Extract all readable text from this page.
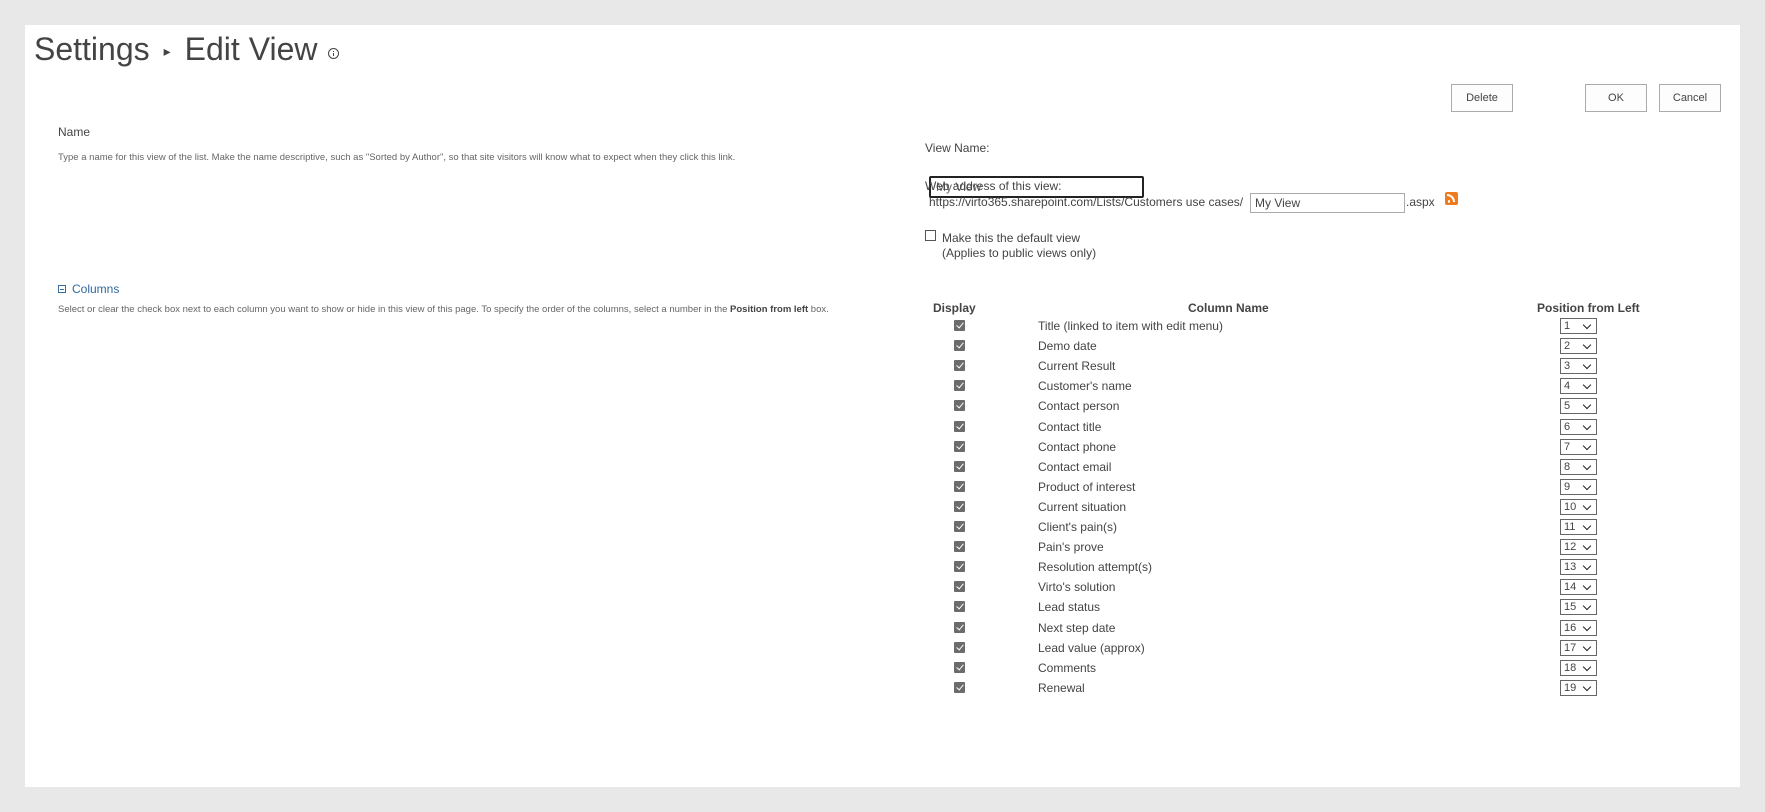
Settings ▸ Edit View
Delete	OK	Cancel
Name
Type a name for this view of the list. Make the name descriptive, such as "Sorted by Author", so that site visitors will know what to expect when they click this link.
View Name:
My View
Web address of this view:
https://virto365.sharepoint.com/Lists/Customers use cases/
My View	.aspx
Make this the default view
(Applies to public views only)
Columns
Select or clear the check box next to each column you want to show or hide in this view of this page. To specify the order of the columns, select a number in the Position from left box.	Display	Column Name	Position from Left
Title (linked to item with edit menu)	1
Demo date	2
Current Result	3
Customer's name	4
Contact person	5
Contact title	6
Contact phone	7
Contact email	8
Product of interest	9
Current situation	10
Client's pain(s)	11
Pain's prove	12
Resolution attempt(s)	13
Virto's solution	14
Lead status	15
Next step date	16
Lead value (approx)	17
Comments	18
Renewal	19
